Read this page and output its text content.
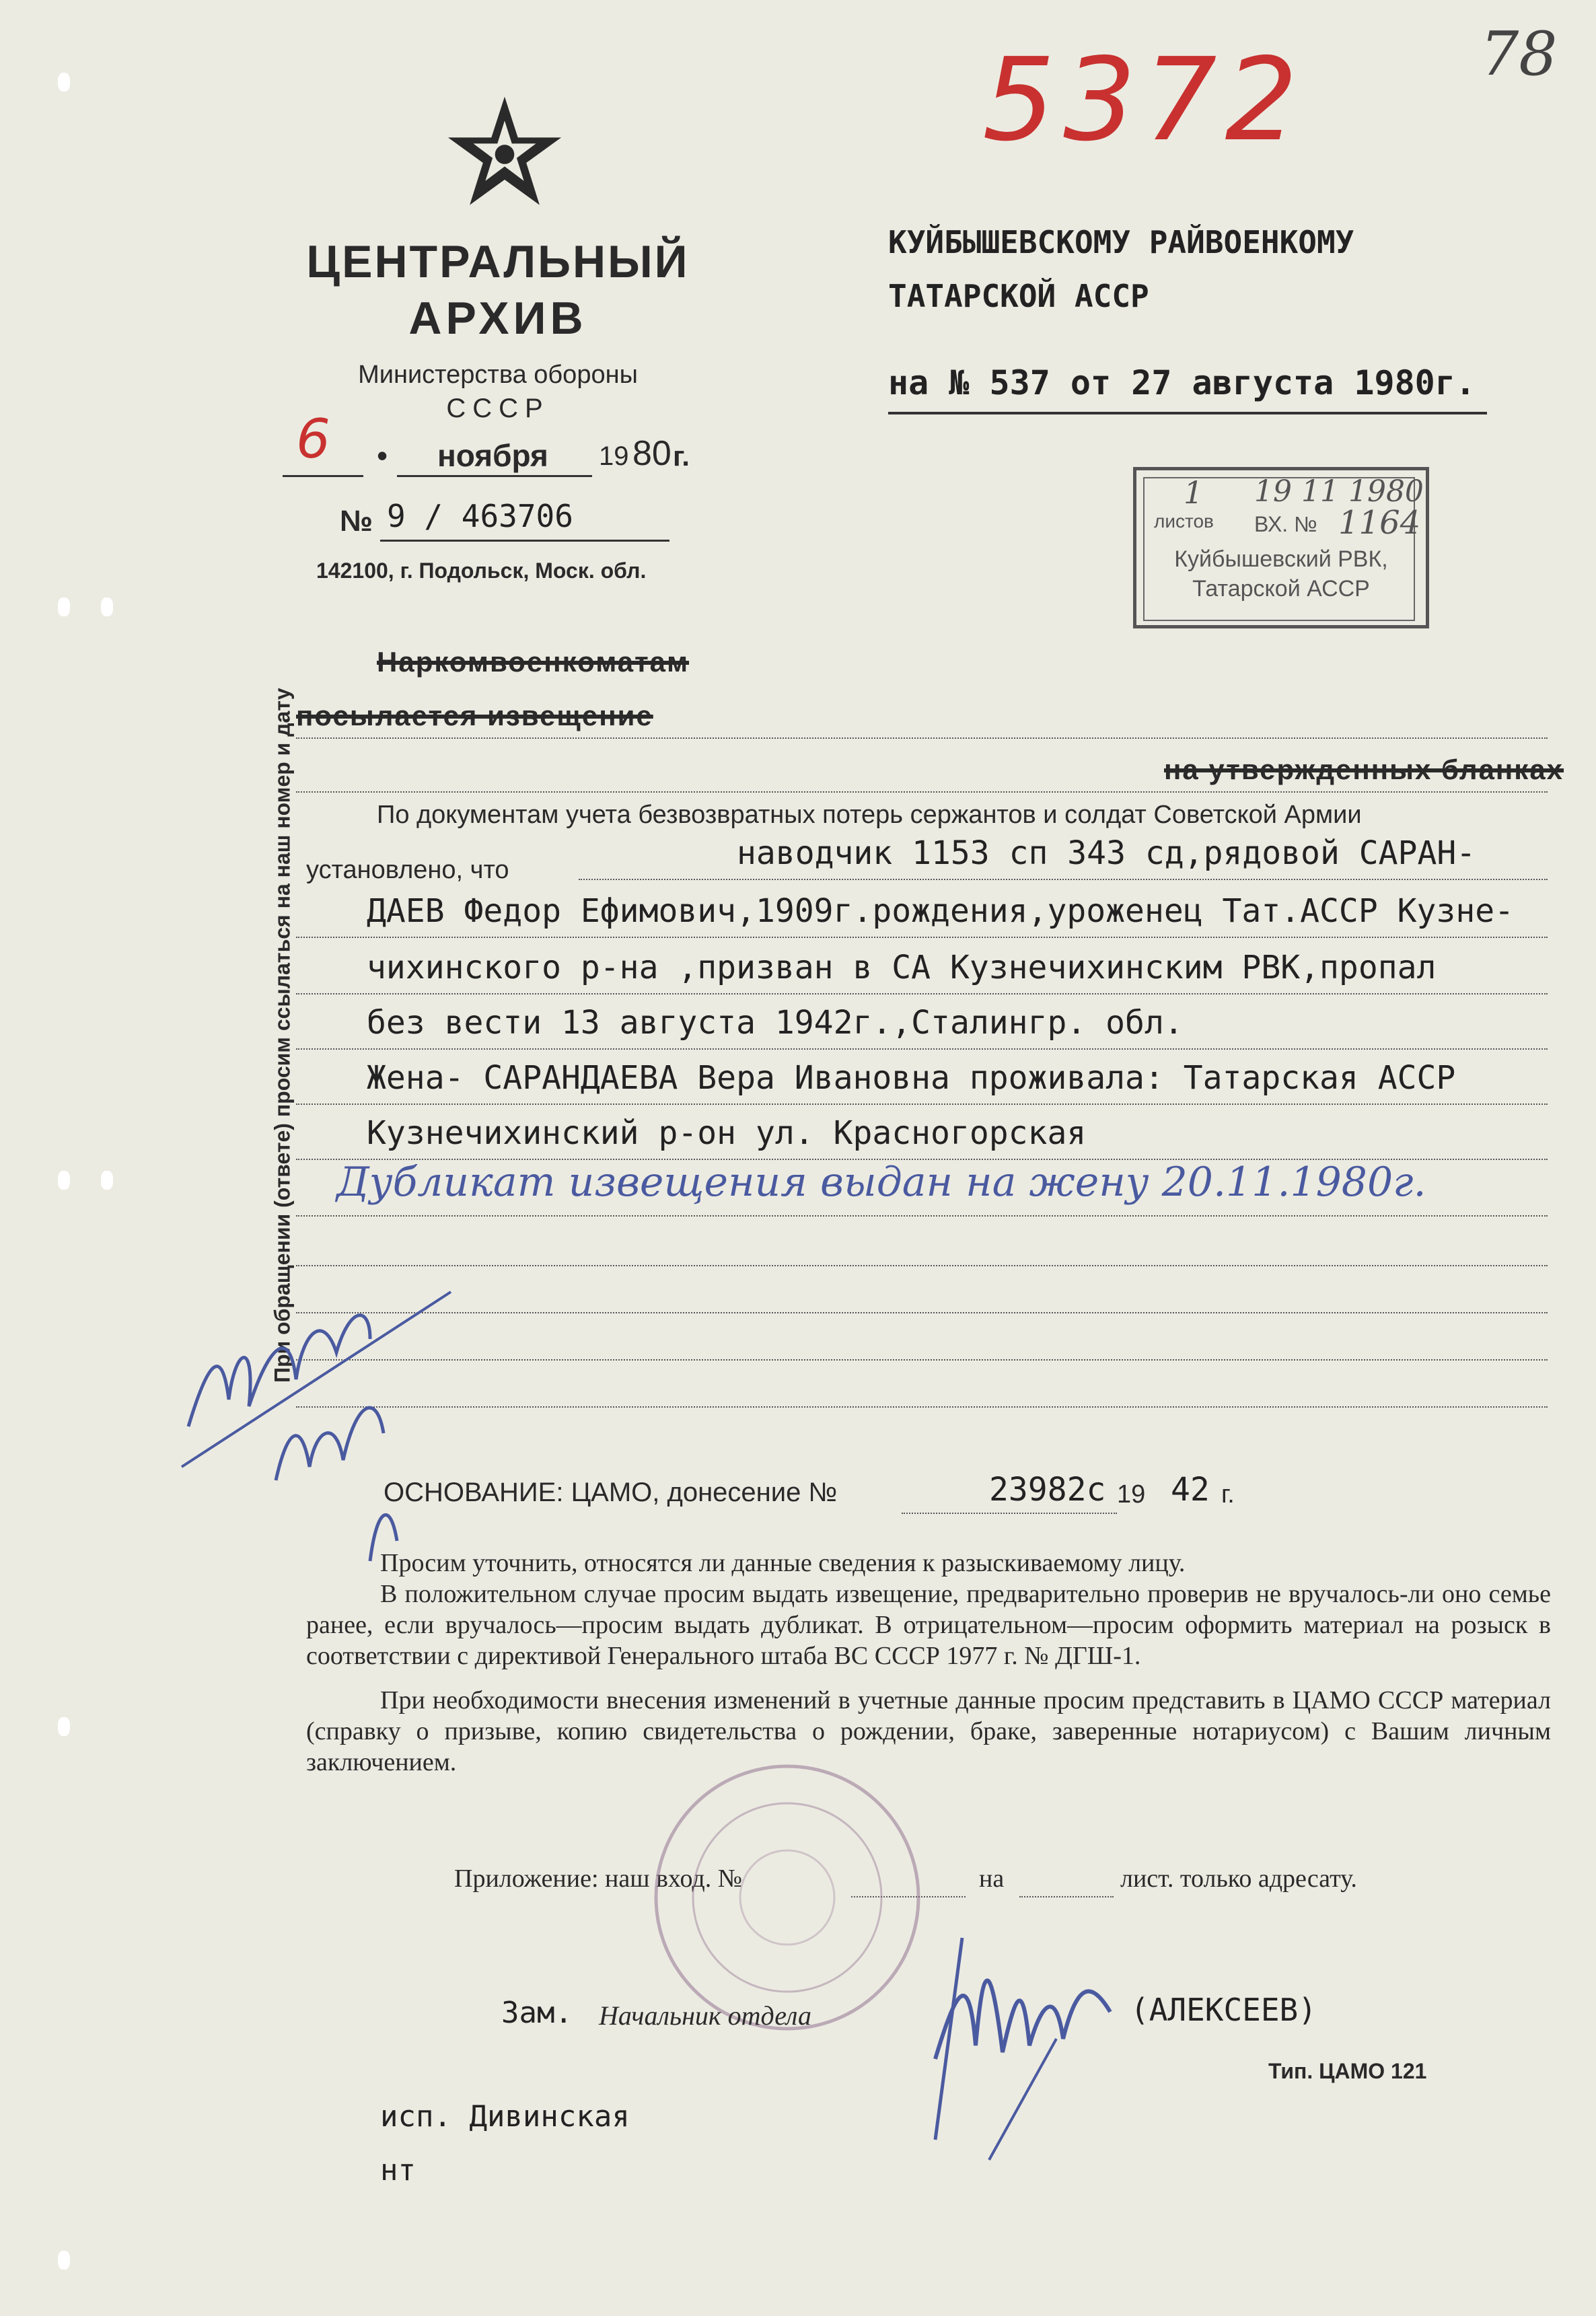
78
5372
ЦЕНТРАЛЬНЫЙ
АРХИВ
Министерства обороны
СССР
6 • ноября 19 80 г.
№ 9 / 463706
142100, г. Подольск, Моск. обл.
КУЙБЫШЕВСКОМУ РАЙВОЕНКОМУ
ТАТАРСКОЙ АССР
на № 537 от 27 августа 1980г.
1
листов
19 11 1980
ВХ. № 1164
Куйбышевский РВК,
Татарской АССР
Наркомвоенкоматам
посылается извещение
на утвержденных бланках
По документам учета безвозвратных потерь сержантов и солдат Советской Армии
установлено, что	наводчик 1153 сп 343 сд,рядовой САРАН-
ДАЕВ Федор Ефимович,1909г.рождения,уроженец Тат.АССР Кузне-
чихинского р-на ,призван в СА Кузнечихинским РВК,пропал
без вести 13 августа 1942г.,Сталингр. обл.
Жена- САРАНДАЕВА Вера Ивановна проживала: Татарская АССР
Кузнечихинский р-он ул. Красногорская
Дубликат извещения выдан на жену 20.11.1980г.
При обращении (ответе) просим ссылаться на наш номер и дату
ОСНОВАНИЕ: ЦАМО, донесение №	23982с 19 42 г.

Просим уточнить, относятся ли данные сведения к разыскиваемому лицу.

В положительном случае просим выдать извещение, предварительно проверив не вручалось-ли оно семье ранее, если вручалось—просим выдать дубликат. В отрицательном—просим оформить материал на розыск в соответствии с директивой Генерального штаба ВС СССР 1977 г. № ДГШ-1.

При необходимости внесения изменений в учетные данные просим представить в ЦАМО СССР материал (справку о призыве, копию свидетельства о рождении, браке, заверенные нотариусом) с Вашим личным заключением.

Приложение: наш вход. №	на	лист. только адресату.
Зам. Начальник отдела	(АЛЕКСЕЕВ)
Тип. ЦАМО 121
исп. Дивинская
нт
